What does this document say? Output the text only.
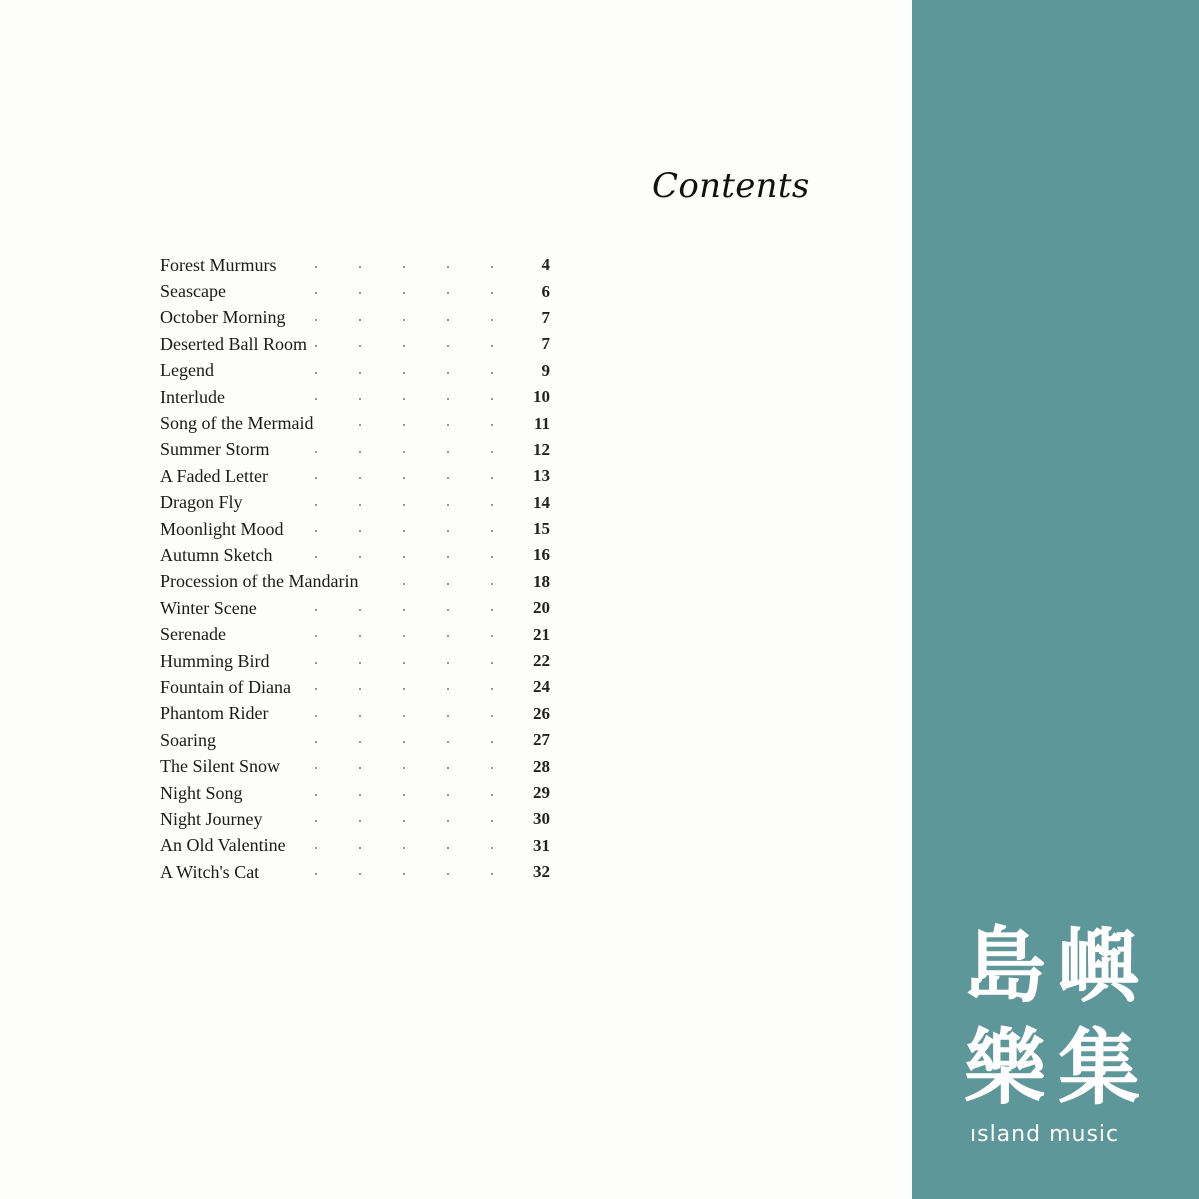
Contents
Forest Murmurs	4
Seascape	6
October Morning	7
Deserted Ball Room	7
Legend	9
Interlude	10
Song of the Mermaid	11
Summer Storm	12
A Faded Letter	13
Dragon Fly	14
Moonlight Mood	15
Autumn Sketch	16
Procession of the Mandarin	18
Winter Scene	20
Serenade	21
Humming Bird	22
Fountain of Diana	24
Phantom Rider	26
Soaring	27
The Silent Snow	28
Night Song	29
Night Journey	30
An Old Valentine	31
A Witch's Cat	32
島 嶼
樂 集
ısland music
